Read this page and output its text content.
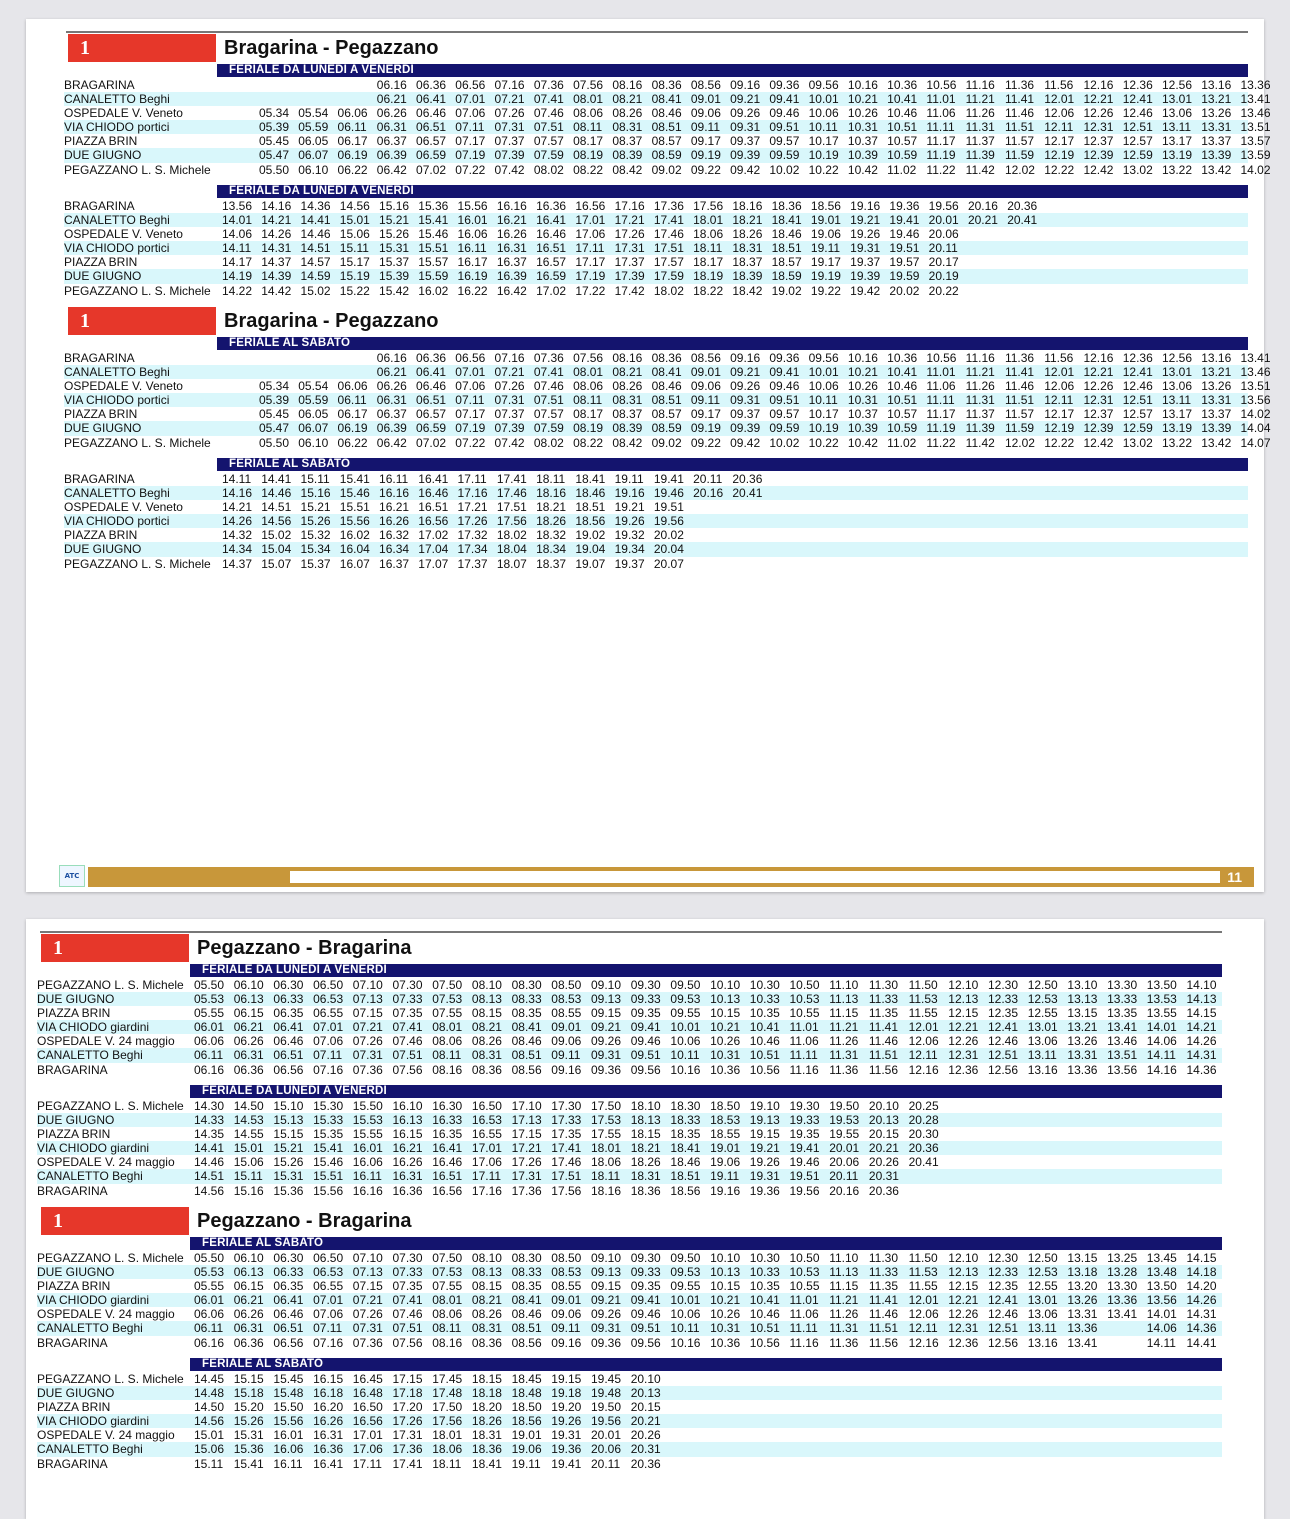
1	Bragarina - Pegazzano
FERIALE DA LUNEDI A VENERDI
BRAGARINA	06.16 06.36 06.56 07.16 07.36 07.56 08.16 08.36 08.56 09.16 09.36 09.56 10.16 10.36 10.56 11.16 11.36 11.56 12.16 12.36 12.56 13.16 13.36
CANALETTO Beghi	06.21 06.41 07.01 07.21 07.41 08.01 08.21 08.41 09.01 09.21 09.41 10.01 10.21 10.41 11.01 11.21 11.41 12.01 12.21 12.41 13.01 13.21 13.41
OSPEDALE V. Veneto	05.34 05.54 06.06 06.26 06.46 07.06 07.26 07.46 08.06 08.26 08.46 09.06 09.26 09.46 10.06 10.26 10.46 11.06 11.26 11.46 12.06 12.26 12.46 13.06 13.26 13.46
VIA CHIODO portici	05.39 05.59 06.11 06.31 06.51 07.11 07.31 07.51 08.11 08.31 08.51 09.11 09.31 09.51 10.11 10.31 10.51 11.11 11.31 11.51 12.11 12.31 12.51 13.11 13.31 13.51
PIAZZA BRIN	05.45 06.05 06.17 06.37 06.57 07.17 07.37 07.57 08.17 08.37 08.57 09.17 09.37 09.57 10.17 10.37 10.57 11.17 11.37 11.57 12.17 12.37 12.57 13.17 13.37 13.57
DUE GIUGNO	05.47 06.07 06.19 06.39 06.59 07.19 07.39 07.59 08.19 08.39 08.59 09.19 09.39 09.59 10.19 10.39 10.59 11.19 11.39 11.59 12.19 12.39 12.59 13.19 13.39 13.59
PEGAZZANO L. S. Michele	05.50 06.10 06.22 06.42 07.02 07.22 07.42 08.02 08.22 08.42 09.02 09.22 09.42 10.02 10.22 10.42 11.02 11.22 11.42 12.02 12.22 12.42 13.02 13.22 13.42 14.02
FERIALE DA LUNEDI A VENERDI
BRAGARINA	13.56 14.16 14.36 14.56 15.16 15.36 15.56 16.16 16.36 16.56 17.16 17.36 17.56 18.16 18.36 18.56 19.16 19.36 19.56 20.16 20.36
CANALETTO Beghi	14.01 14.21 14.41 15.01 15.21 15.41 16.01 16.21 16.41 17.01 17.21 17.41 18.01 18.21 18.41 19.01 19.21 19.41 20.01 20.21 20.41
OSPEDALE V. Veneto	14.06 14.26 14.46 15.06 15.26 15.46 16.06 16.26 16.46 17.06 17.26 17.46 18.06 18.26 18.46 19.06 19.26 19.46 20.06
VIA CHIODO portici	14.11 14.31 14.51 15.11 15.31 15.51 16.11 16.31 16.51 17.11 17.31 17.51 18.11 18.31 18.51 19.11 19.31 19.51 20.11
PIAZZA BRIN	14.17 14.37 14.57 15.17 15.37 15.57 16.17 16.37 16.57 17.17 17.37 17.57 18.17 18.37 18.57 19.17 19.37 19.57 20.17
DUE GIUGNO	14.19 14.39 14.59 15.19 15.39 15.59 16.19 16.39 16.59 17.19 17.39 17.59 18.19 18.39 18.59 19.19 19.39 19.59 20.19
PEGAZZANO L. S. Michele 14.22 14.42 15.02 15.22 15.42 16.02 16.22 16.42 17.02 17.22 17.42 18.02 18.22 18.42 19.02 19.22 19.42 20.02 20.22
1	Bragarina - Pegazzano
FERIALE AL SABATO
BRAGARINA	06.16 06.36 06.56 07.16 07.36 07.56 08.16 08.36 08.56 09.16 09.36 09.56 10.16 10.36 10.56 11.16 11.36 11.56 12.16 12.36 12.56 13.16 13.41
CANALETTO Beghi	06.21 06.41 07.01 07.21 07.41 08.01 08.21 08.41 09.01 09.21 09.41 10.01 10.21 10.41 11.01 11.21 11.41 12.01 12.21 12.41 13.01 13.21 13.46
OSPEDALE V. Veneto	05.34 05.54 06.06 06.26 06.46 07.06 07.26 07.46 08.06 08.26 08.46 09.06 09.26 09.46 10.06 10.26 10.46 11.06 11.26 11.46 12.06 12.26 12.46 13.06 13.26 13.51
VIA CHIODO portici	05.39 05.59 06.11 06.31 06.51 07.11 07.31 07.51 08.11 08.31 08.51 09.11 09.31 09.51 10.11 10.31 10.51 11.11 11.31 11.51 12.11 12.31 12.51 13.11 13.31 13.56
PIAZZA BRIN	05.45 06.05 06.17 06.37 06.57 07.17 07.37 07.57 08.17 08.37 08.57 09.17 09.37 09.57 10.17 10.37 10.57 11.17 11.37 11.57 12.17 12.37 12.57 13.17 13.37 14.02
DUE GIUGNO	05.47 06.07 06.19 06.39 06.59 07.19 07.39 07.59 08.19 08.39 08.59 09.19 09.39 09.59 10.19 10.39 10.59 11.19 11.39 11.59 12.19 12.39 12.59 13.19 13.39 14.04
PEGAZZANO L. S. Michele	05.50 06.10 06.22 06.42 07.02 07.22 07.42 08.02 08.22 08.42 09.02 09.22 09.42 10.02 10.22 10.42 11.02 11.22 11.42 12.02 12.22 12.42 13.02 13.22 13.42 14.07
FERIALE AL SABATO
BRAGARINA	14.11 14.41 15.11 15.41 16.11 16.41 17.11 17.41 18.11 18.41 19.11 19.41 20.11 20.36
CANALETTO Beghi	14.16 14.46 15.16 15.46 16.16 16.46 17.16 17.46 18.16 18.46 19.16 19.46 20.16 20.41
OSPEDALE V. Veneto	14.21 14.51 15.21 15.51 16.21 16.51 17.21 17.51 18.21 18.51 19.21 19.51
VIA CHIODO portici	14.26 14.56 15.26 15.56 16.26 16.56 17.26 17.56 18.26 18.56 19.26 19.56
PIAZZA BRIN	14.32 15.02 15.32 16.02 16.32 17.02 17.32 18.02 18.32 19.02 19.32 20.02
DUE GIUGNO	14.34 15.04 15.34 16.04 16.34 17.04 17.34 18.04 18.34 19.04 19.34 20.04
PEGAZZANO L. S. Michele 14.37 15.07 15.37 16.07 16.37 17.07 17.37 18.07 18.37 19.07 19.37 20.07
ATC	11
1	Pegazzano - Bragarina
FERIALE DA LUNEDI A VENERDI
PEGAZZANO L. S. Michele 05.50 06.10 06.30 06.50 07.10 07.30 07.50 08.10 08.30 08.50 09.10 09.30 09.50 10.10 10.30 10.50 11.10 11.30 11.50 12.10 12.30 12.50 13.10 13.30 13.50 14.10
DUE GIUGNO	05.53 06.13 06.33 06.53 07.13 07.33 07.53 08.13 08.33 08.53 09.13 09.33 09.53 10.13 10.33 10.53 11.13 11.33 11.53 12.13 12.33 12.53 13.13 13.33 13.53 14.13
PIAZZA BRIN	05.55 06.15 06.35 06.55 07.15 07.35 07.55 08.15 08.35 08.55 09.15 09.35 09.55 10.15 10.35 10.55 11.15 11.35 11.55 12.15 12.35 12.55 13.15 13.35 13.55 14.15
VIA CHIODO giardini	06.01 06.21 06.41 07.01 07.21 07.41 08.01 08.21 08.41 09.01 09.21 09.41 10.01 10.21 10.41 11.01 11.21 11.41 12.01 12.21 12.41 13.01 13.21 13.41 14.01 14.21
OSPEDALE V. 24 maggio 06.06 06.26 06.46 07.06 07.26 07.46 08.06 08.26 08.46 09.06 09.26 09.46 10.06 10.26 10.46 11.06 11.26 11.46 12.06 12.26 12.46 13.06 13.26 13.46 14.06 14.26
CANALETTO Beghi	06.11 06.31 06.51 07.11 07.31 07.51 08.11 08.31 08.51 09.11 09.31 09.51 10.11 10.31 10.51 11.11 11.31 11.51 12.11 12.31 12.51 13.11 13.31 13.51 14.11 14.31
BRAGARINA	06.16 06.36 06.56 07.16 07.36 07.56 08.16 08.36 08.56 09.16 09.36 09.56 10.16 10.36 10.56 11.16 11.36 11.56 12.16 12.36 12.56 13.16 13.36 13.56 14.16 14.36
FERIALE DA LUNEDI A VENERDI
PEGAZZANO L. S. Michele 14.30 14.50 15.10 15.30 15.50 16.10 16.30 16.50 17.10 17.30 17.50 18.10 18.30 18.50 19.10 19.30 19.50 20.10 20.25
DUE GIUGNO	14.33 14.53 15.13 15.33 15.53 16.13 16.33 16.53 17.13 17.33 17.53 18.13 18.33 18.53 19.13 19.33 19.53 20.13 20.28
PIAZZA BRIN	14.35 14.55 15.15 15.35 15.55 16.15 16.35 16.55 17.15 17.35 17.55 18.15 18.35 18.55 19.15 19.35 19.55 20.15 20.30
VIA CHIODO giardini	14.41 15.01 15.21 15.41 16.01 16.21 16.41 17.01 17.21 17.41 18.01 18.21 18.41 19.01 19.21 19.41 20.01 20.21 20.36
OSPEDALE V. 24 maggio 14.46 15.06 15.26 15.46 16.06 16.26 16.46 17.06 17.26 17.46 18.06 18.26 18.46 19.06 19.26 19.46 20.06 20.26 20.41
CANALETTO Beghi	14.51 15.11 15.31 15.51 16.11 16.31 16.51 17.11 17.31 17.51 18.11 18.31 18.51 19.11 19.31 19.51 20.11 20.31
BRAGARINA	14.56 15.16 15.36 15.56 16.16 16.36 16.56 17.16 17.36 17.56 18.16 18.36 18.56 19.16 19.36 19.56 20.16 20.36
1	Pegazzano - Bragarina
FERIALE AL SABATO
PEGAZZANO L. S. Michele 05.50 06.10 06.30 06.50 07.10 07.30 07.50 08.10 08.30 08.50 09.10 09.30 09.50 10.10 10.30 10.50 11.10 11.30 11.50 12.10 12.30 12.50 13.15 13.25 13.45 14.15
DUE GIUGNO	05.53 06.13 06.33 06.53 07.13 07.33 07.53 08.13 08.33 08.53 09.13 09.33 09.53 10.13 10.33 10.53 11.13 11.33 11.53 12.13 12.33 12.53 13.18 13.28 13.48 14.18
PIAZZA BRIN	05.55 06.15 06.35 06.55 07.15 07.35 07.55 08.15 08.35 08.55 09.15 09.35 09.55 10.15 10.35 10.55 11.15 11.35 11.55 12.15 12.35 12.55 13.20 13.30 13.50 14.20
VIA CHIODO giardini	06.01 06.21 06.41 07.01 07.21 07.41 08.01 08.21 08.41 09.01 09.21 09.41 10.01 10.21 10.41 11.01 11.21 11.41 12.01 12.21 12.41 13.01 13.26 13.36 13.56 14.26
OSPEDALE V. 24 maggio 06.06 06.26 06.46 07.06 07.26 07.46 08.06 08.26 08.46 09.06 09.26 09.46 10.06 10.26 10.46 11.06 11.26 11.46 12.06 12.26 12.46 13.06 13.31 13.41 14.01 14.31
CANALETTO Beghi	06.11 06.31 06.51 07.11 07.31 07.51 08.11 08.31 08.51 09.11 09.31 09.51 10.11 10.31 10.51 11.11 11.31 11.51 12.11 12.31 12.51 13.11 13.36	14.06 14.36
BRAGARINA	06.16 06.36 06.56 07.16 07.36 07.56 08.16 08.36 08.56 09.16 09.36 09.56 10.16 10.36 10.56 11.16 11.36 11.56 12.16 12.36 12.56 13.16 13.41	14.11 14.41
FERIALE AL SABATO
PEGAZZANO L. S. Michele 14.45 15.15 15.45 16.15 16.45 17.15 17.45 18.15 18.45 19.15 19.45 20.10
DUE GIUGNO	14.48 15.18 15.48 16.18 16.48 17.18 17.48 18.18 18.48 19.18 19.48 20.13
PIAZZA BRIN	14.50 15.20 15.50 16.20 16.50 17.20 17.50 18.20 18.50 19.20 19.50 20.15
VIA CHIODO giardini	14.56 15.26 15.56 16.26 16.56 17.26 17.56 18.26 18.56 19.26 19.56 20.21
OSPEDALE V. 24 maggio 15.01 15.31 16.01 16.31 17.01 17.31 18.01 18.31 19.01 19.31 20.01 20.26
CANALETTO Beghi	15.06 15.36 16.06 16.36 17.06 17.36 18.06 18.36 19.06 19.36 20.06 20.31
BRAGARINA	15.11 15.41 16.11 16.41 17.11 17.41 18.11 18.41 19.11 19.41 20.11 20.36
